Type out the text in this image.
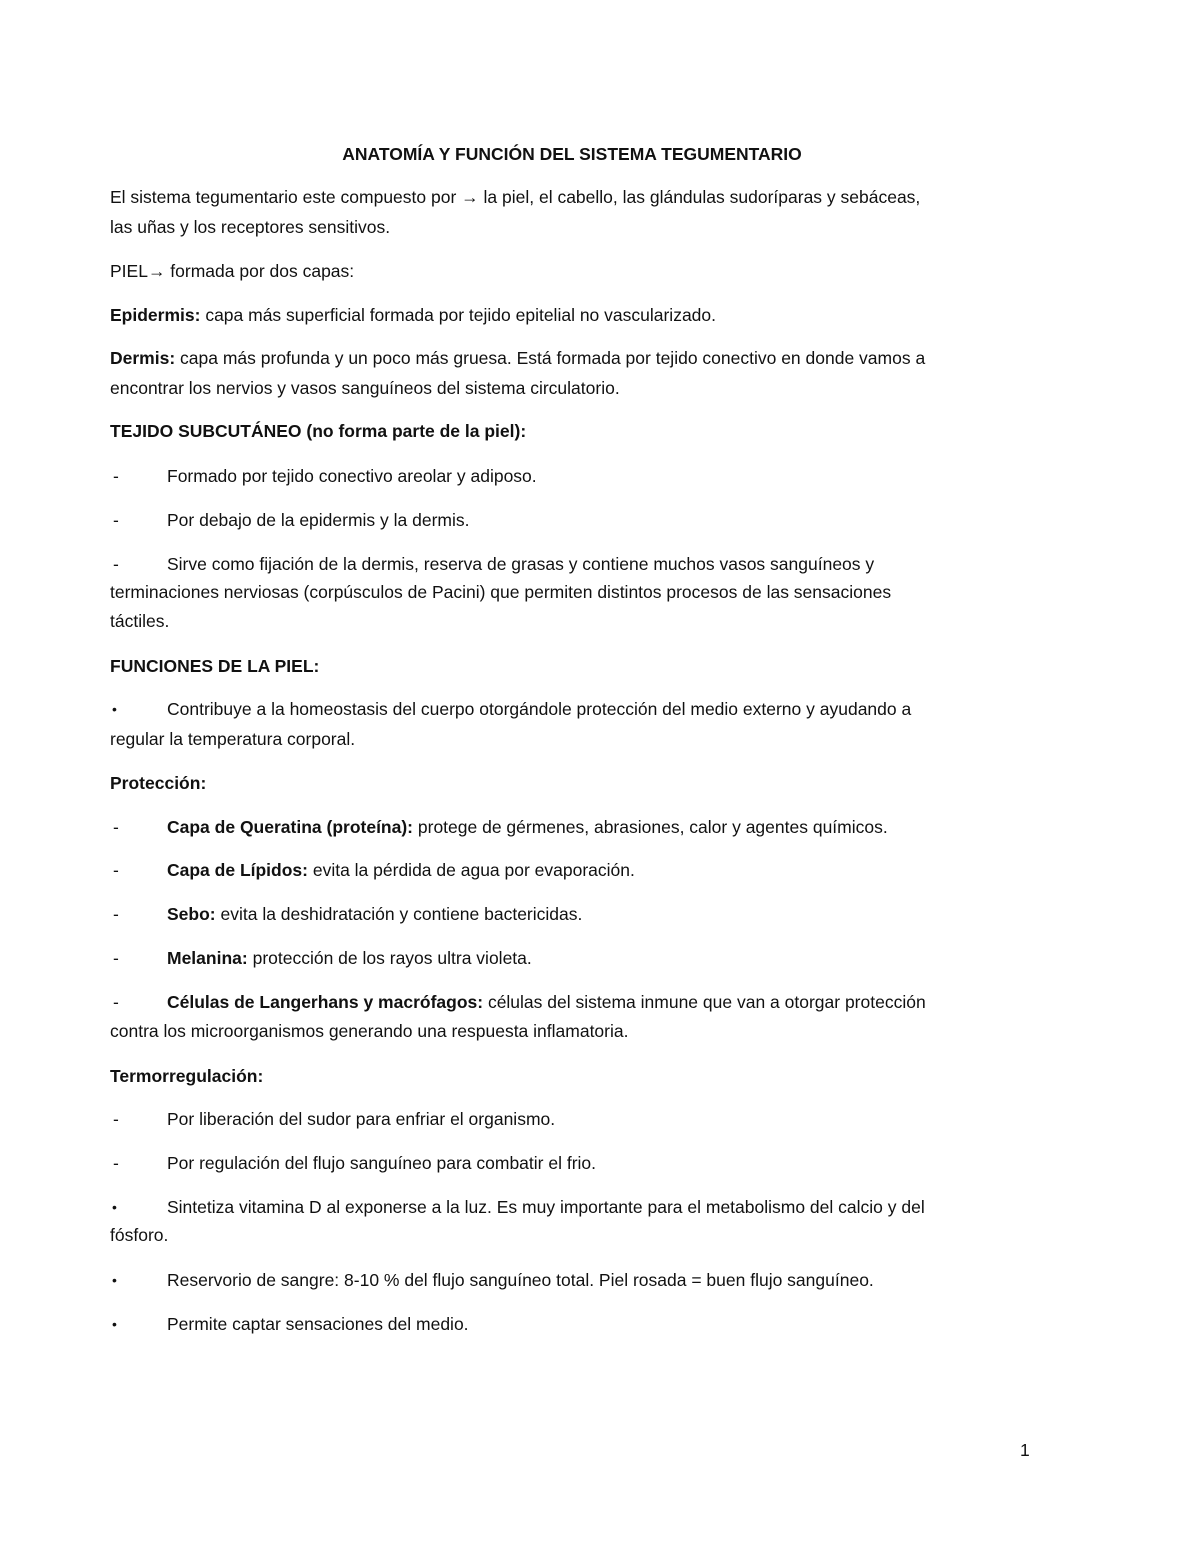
ANATOMÍA Y FUNCIÓN DEL SISTEMA TEGUMENTARIO
El sistema tegumentario este compuesto por → la piel, el cabello, las glándulas sudoríparas y sebáceas,
las uñas y los receptores sensitivos.
PIEL→ formada por dos capas:
Epidermis: capa más superficial formada por tejido epitelial no vascularizado.
Dermis: capa más profunda y un poco más gruesa. Está formada por tejido conectivo en donde vamos a
encontrar los nervios y vasos sanguíneos del sistema circulatorio.
TEJIDO SUBCUTÁNEO (no forma parte de la piel):
-	Formado por tejido conectivo areolar y adiposo.
-	Por debajo de la epidermis y la dermis.
-	Sirve como fijación de la dermis, reserva de grasas y contiene muchos vasos sanguíneos y
terminaciones nerviosas (corpúsculos de Pacini) que permiten distintos procesos de las sensaciones
táctiles.
FUNCIONES DE LA PIEL:
•	Contribuye a la homeostasis del cuerpo otorgándole protección del medio externo y ayudando a
regular la temperatura corporal.
Protección:
-	Capa de Queratina (proteína): protege de gérmenes, abrasiones, calor y agentes químicos.
-	Capa de Lípidos: evita la pérdida de agua por evaporación.
-	Sebo: evita la deshidratación y contiene bactericidas.
-	Melanina: protección de los rayos ultra violeta.
-	Células de Langerhans y macrófagos: células del sistema inmune que van a otorgar protección
contra los microorganismos generando una respuesta inflamatoria.
Termorregulación:
-	Por liberación del sudor para enfriar el organismo.
-	Por regulación del flujo sanguíneo para combatir el frio.
•	Sintetiza vitamina D al exponerse a la luz. Es muy importante para el metabolismo del calcio y del
fósforo.
•	Reservorio de sangre: 8-10 % del flujo sanguíneo total. Piel rosada = buen flujo sanguíneo.
•	Permite captar sensaciones del medio.
1
